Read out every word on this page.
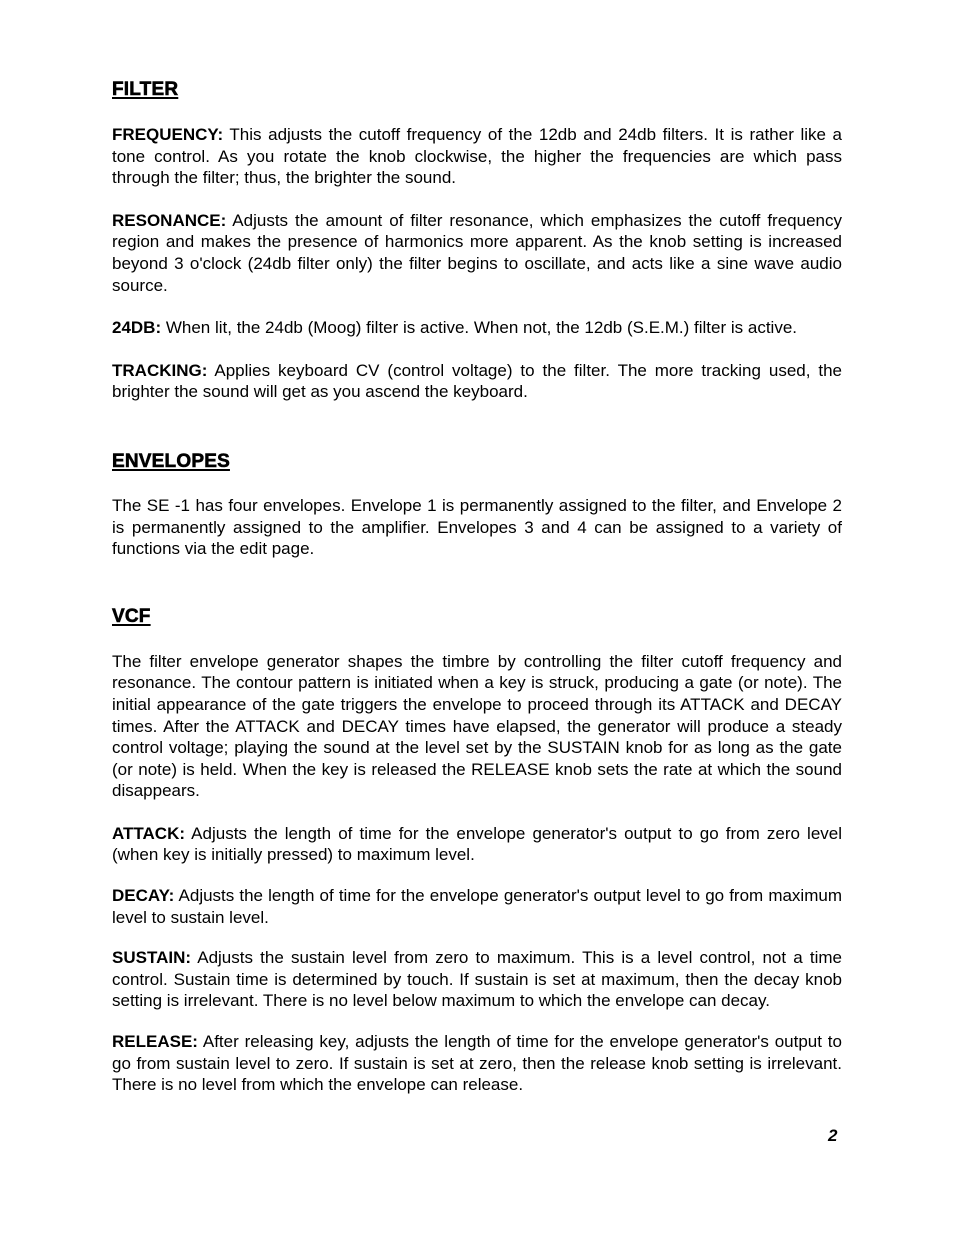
FILTER

FREQUENCY: This adjusts the cutoff frequency of the 12db and 24db filters. It is rather like a tone control. As you rotate the knob clockwise, the higher the frequencies are which pass through the filter; thus, the brighter the sound.

RESONANCE: Adjusts the amount of filter resonance, which emphasizes the cutoff frequency region and makes the presence of harmonics more apparent. As the knob setting is increased beyond 3 o'clock (24db filter only) the filter begins to oscillate, and acts like a sine wave audio source.

24DB: When lit, the 24db (Moog) filter is active. When not, the 12db (S.E.M.) filter is active.

TRACKING: Applies keyboard CV (control voltage) to the filter. The more tracking used, the brighter the sound will get as you ascend the keyboard.

ENVELOPES

The SE -1 has four envelopes. Envelope 1 is permanently assigned to the filter, and Envelope 2 is permanently assigned to the amplifier. Envelopes 3 and 4 can be assigned to a variety of functions via the edit page.

VCF

The filter envelope generator shapes the timbre by controlling the filter cutoff frequency and resonance. The contour pattern is initiated when a key is struck, producing a gate (or note). The initial appearance of the gate triggers the envelope to proceed through its ATTACK and DECAY times. After the ATTACK and DECAY times have elapsed, the generator will produce a steady control voltage; playing the sound at the level set by the SUSTAIN knob for as long as the gate (or note) is held. When the key is released the RELEASE knob sets the rate at which the sound disappears.

ATTACK: Adjusts the length of time for the envelope generator's output to go from zero level (when key is initially pressed) to maximum level.

DECAY: Adjusts the length of time for the envelope generator's output level to go from maximum level to sustain level.

SUSTAIN: Adjusts the sustain level from zero to maximum. This is a level control, not a time control. Sustain time is determined by touch. If sustain is set at maximum, then the decay knob setting is irrelevant. There is no level below maximum to which the envelope can decay.

RELEASE: After releasing key, adjusts the length of time for the envelope generator's output to go from sustain level to zero. If sustain is set at zero, then the release knob setting is irrelevant. There is no level from which the envelope can release.

2
